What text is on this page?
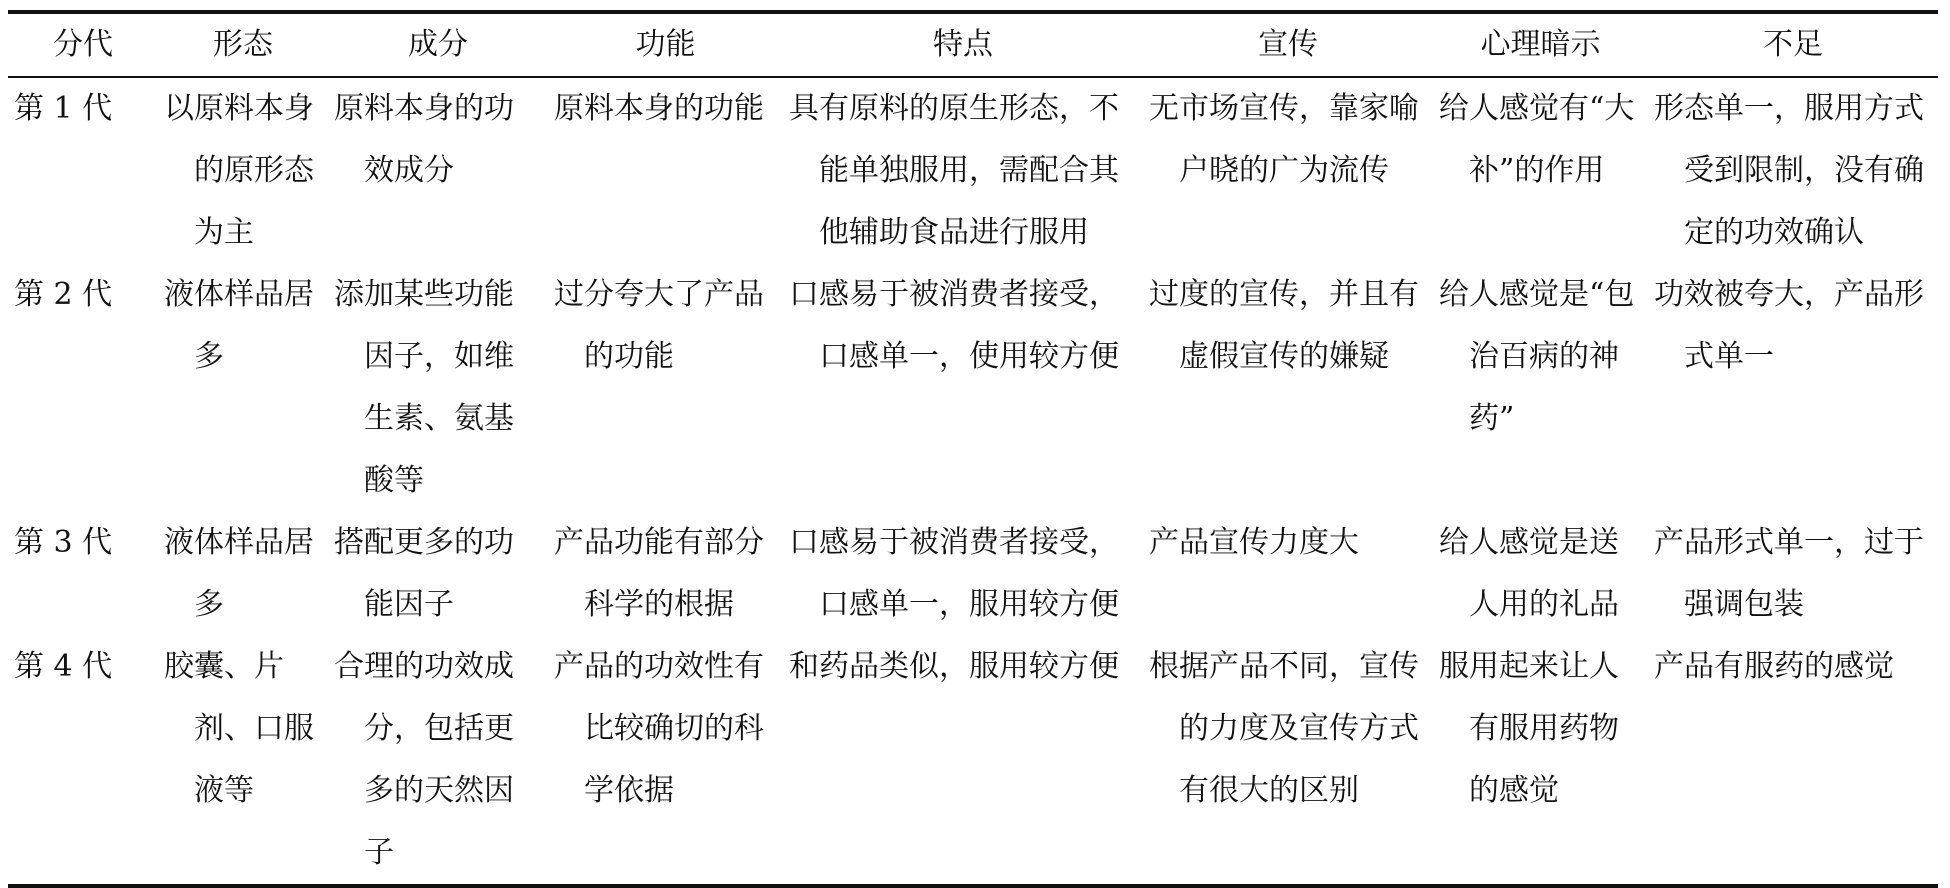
分代	形态	成分	功能	特点	宣传	心理暗示	不足

第 1 代	以原料本身的原形态为主	原料本身的功效成分	原料本身的功能	具有原料的原生形态，不能单独服用，需配合其他辅助食品进行服用	无市场宣传，靠家喻户晓的广为流传	给人感觉有“大补”的作用	形态单一，服用方式受到限制，没有确定的功效确认

第 2 代	液体样品居多	添加某些功能因子，如维生素、氨基酸等	过分夸大了产品的功能	口感易于被消费者接受，口感单一，使用较方便	过度的宣传，并且有虚假宣传的嫌疑	给人感觉是“包治百病的神药”	功效被夸大，产品形式单一

第 3 代	液体样品居多	搭配更多的功能因子	产品功能有部分科学的根据	口感易于被消费者接受，口感单一，服用较方便	产品宣传力度大	给人感觉是送人用的礼品	产品形式单一，过于强调包装

第 4 代	胶囊、片剂、口服液等	合理的功效成分，包括更多的天然因子	产品的功效性有比较确切的科学依据	和药品类似，服用较方便	根据产品不同，宣传的力度及宣传方式有很大的区别	服用起来让人有服用药物的感觉	产品有服药的感觉
